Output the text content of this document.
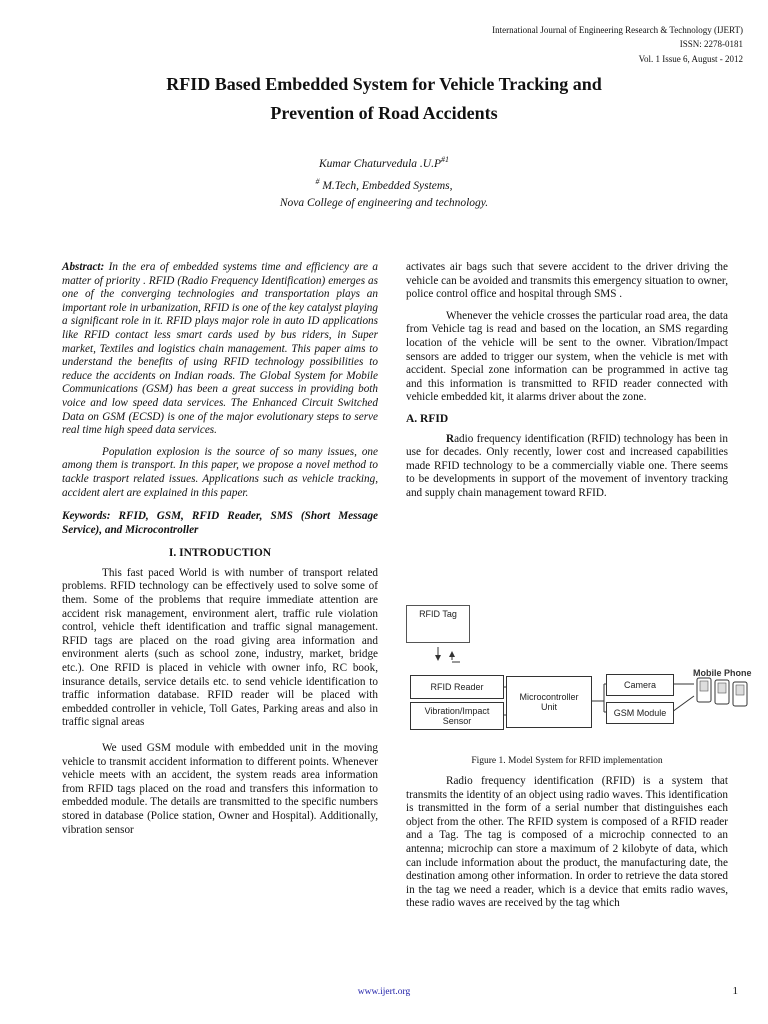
International Journal of Engineering Research & Technology (IJERT)
ISSN: 2278-0181
Vol. 1 Issue 6, August - 2012
RFID Based Embedded System for Vehicle Tracking and
Prevention of Road Accidents
Kumar Chaturvedula $.U.P^{\#1}$
# M.Tech, Embedded Systems,
Nova College of engineering and technology.

Abstract: In the era of embedded systems time and efficiency are a matter of priority . RFID (Radio Frequency Identification) emerges as one of the converging technologies and transportation plays an important role in urbanization, RFID is one of the key catalyst playing a significant role in it. RFID plays major role in auto ID applications like RFID contact less smart cards used by bus riders, in Super market, Textiles and logistics chain management. This paper aims to understand the benefits of using RFID technology possibilities to reduce the accidents on Indian roads. The Global System for Mobile Communications (GSM) has been a great success in providing both voice and low speed data services. The Enhanced Circuit Switched Data on GSM (ECSD) is one of the major evolutionary steps to serve real time high speed data services.

Population explosion is the source of so many issues, one among them is transport. In this paper, we propose a novel method to tackle trasport related issues. Applications such as vehicle tracking, accident alert are explained in this paper.

Keywords: RFID, GSM, RFID Reader, SMS (Short Message Service), and Microcontroller

I. INTRODUCTION

This fast paced World is with number of transport related problems. RFID technology can be effectively used to solve some of them. Some of the problems that require immediate attention are accident risk management, environment alert, traffic rule violation control, vehicle theft identification and traffic signal management. RFID tags are placed on the road giving area information and environment alerts (such as school zone, industry, market, bridge etc.). One RFID is placed in vehicle with owner info, RC book, insurance details, service details etc. to send vehicle identification to traffic information database. RFID reader will be placed with embedded controller in vehicle, Toll Gates, Parking areas and also in traffic signal areas

We used GSM module with embedded unit in the moving vehicle to transmit accident information to different points. Whenever vehicle meets with an accident, the system reads area information from RFID tags placed on the road and transfers this information to embedded module. The details are transmitted to the specific numbers stored in database (Police station, Owner and Hospital). Additionally, vibration sensor

activates air bags such that severe accident to the driver driving the vehicle can be avoided and transmits this emergency situation to owner, police control office and hospital through SMS .

Whenever the vehicle crosses the particular road area, the data from Vehicle tag is read and based on the location, an SMS regarding location of the vehicle will be sent to the owner. Vibration/Impact sensors are added to trigger our system, when the vehicle is met with accident. Special zone information can be programmed in active tag and this information is transmitted to RFID reader connected with vehicle embedded kit, it alarms driver about the zone.

A. RFID

Radio frequency identification (RFID) technology has been in use for decades. Only recently, lower cost and increased capabilities made RFID technology to be a commercially viable one. There seems to be developments in support of the movement of inventory tracking and supply chain management toward RFID.

RFID Tag
RFID Reader
Vibration/Impact
Sensor
Microcontroller
Unit
Camera
GSM Module
Mobile Phone
Figure 1. Model System for RFID implementation

Radio frequency identification (RFID) is a system that transmits the identity of an object using radio waves. This identification is transmitted in the form of a serial number that distinguishes each object from the other. The RFID system is composed of a RFID reader and a Tag. The tag is composed of a microchip connected to an antenna; microchip can store a maximum of 2 kilobyte of data, which can include information about the product, the manufacturing date, the destination among other information. In order to retrieve the data stored in the tag we need a reader, which is a device that emits radio waves, these radio waves are received by the tag which

www.ijert.org	1
